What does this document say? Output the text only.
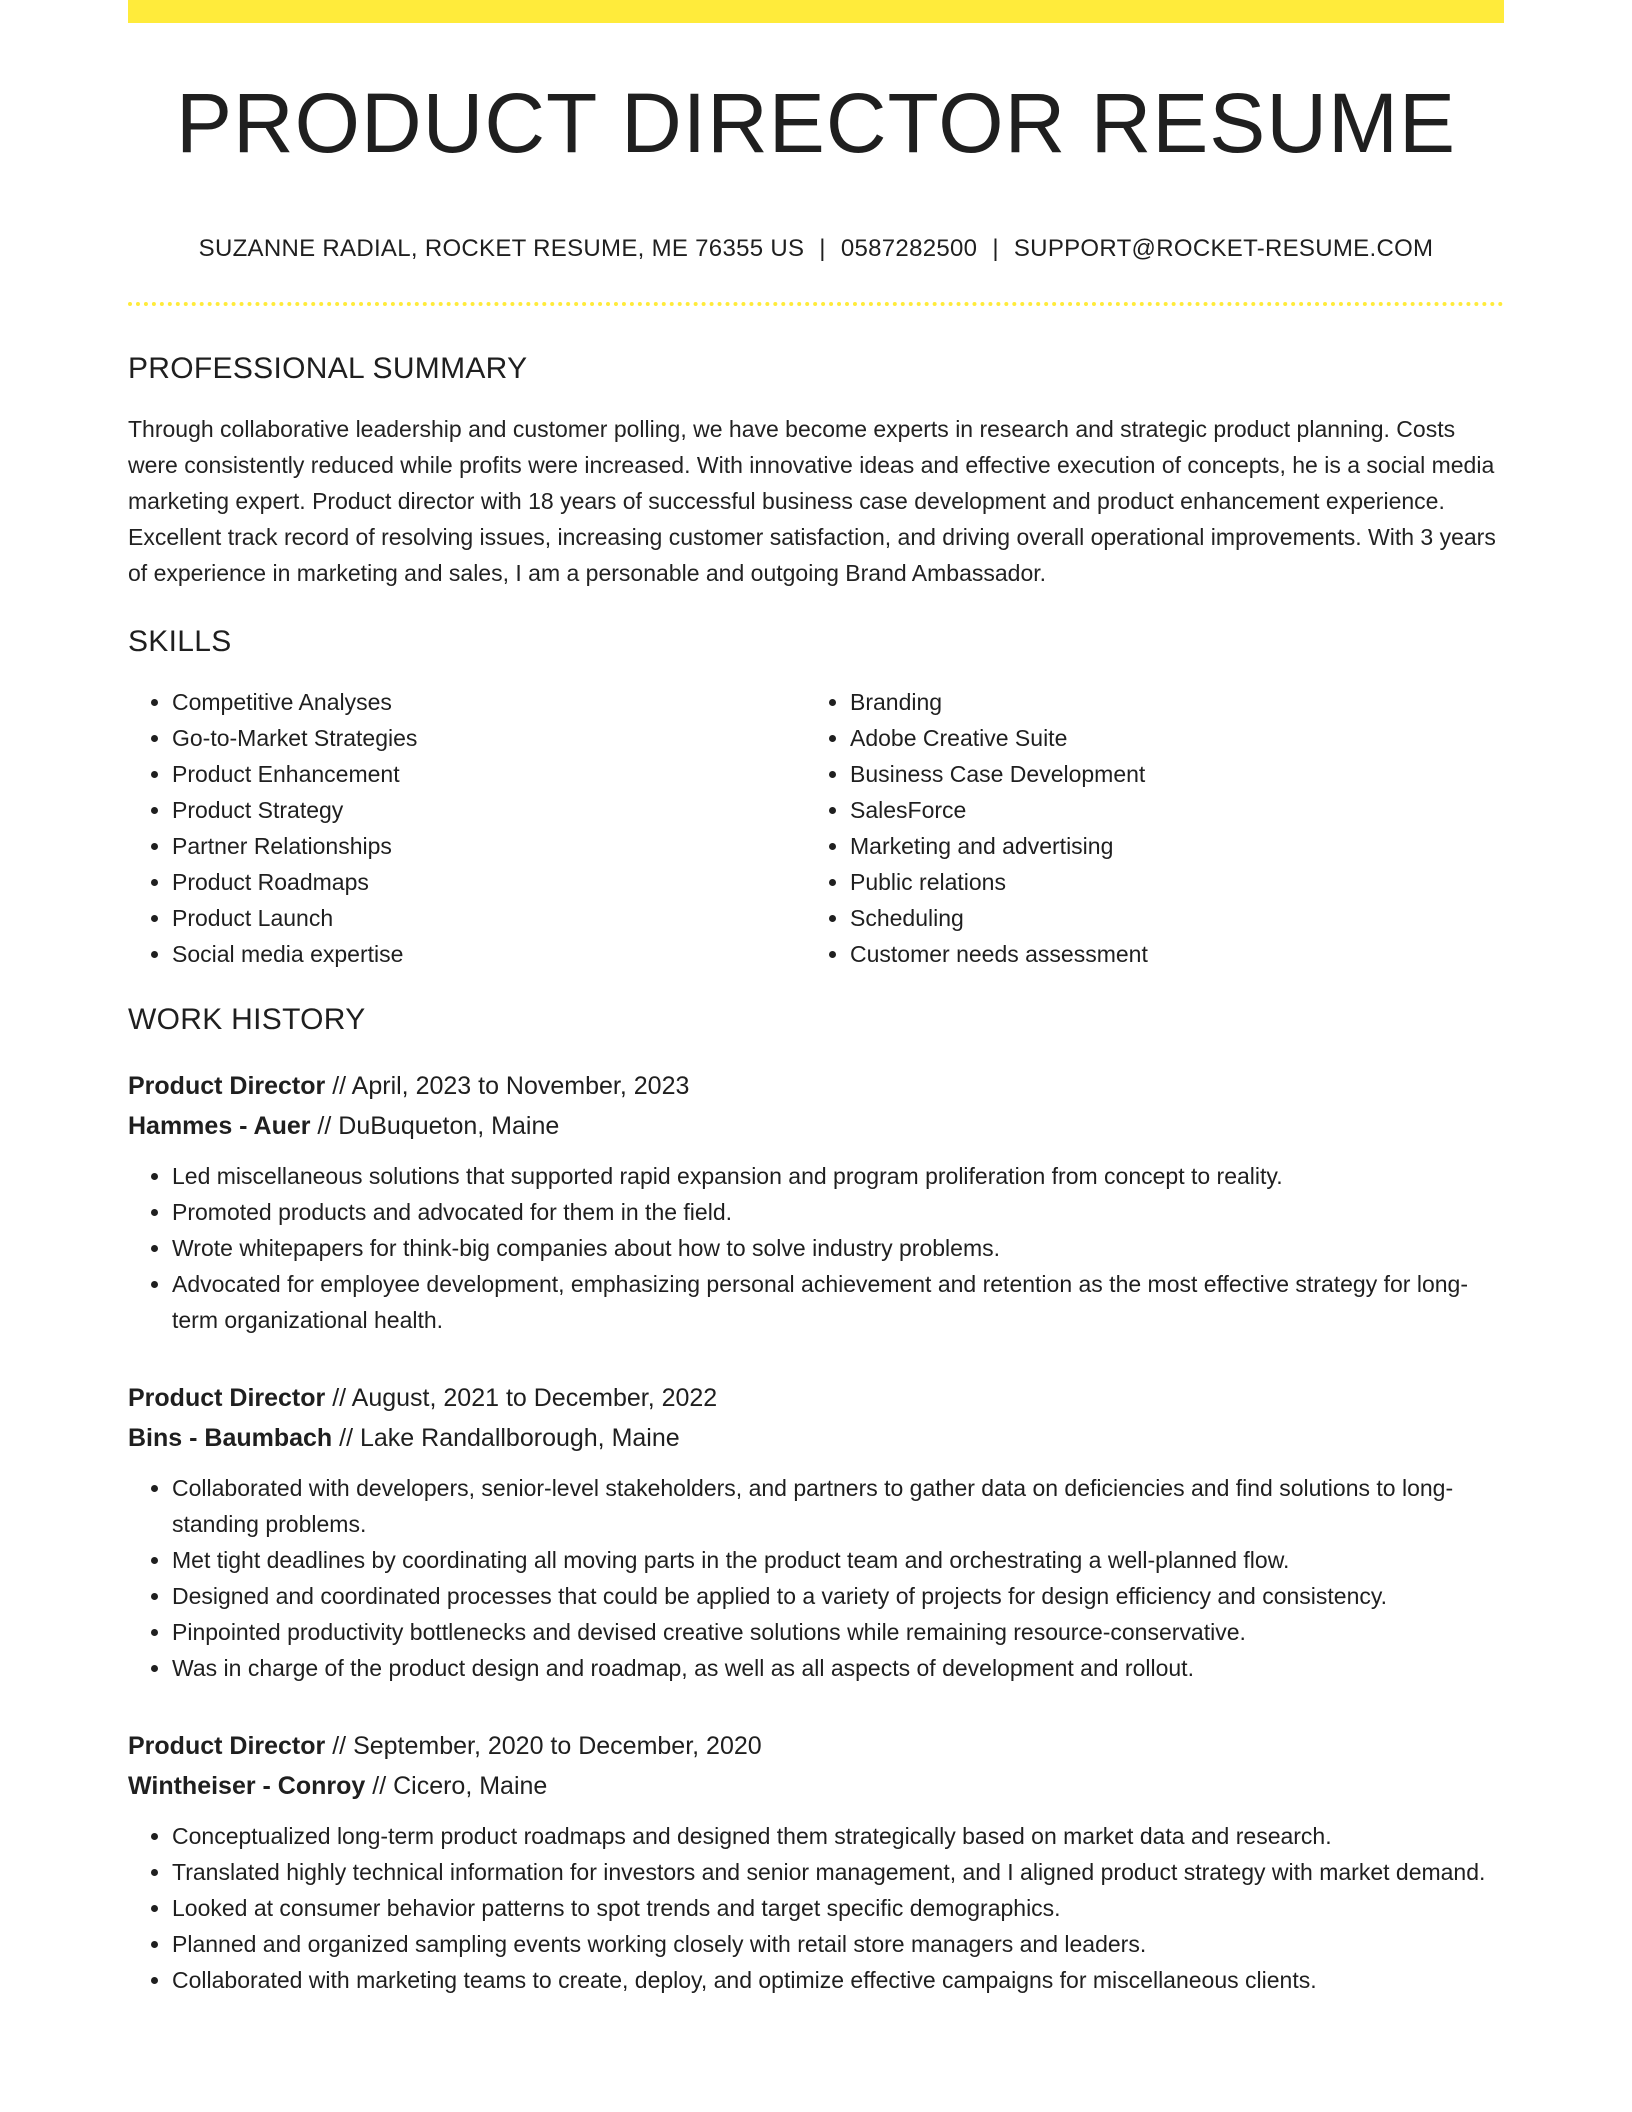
PRODUCT DIRECTOR RESUME
SUZANNE RADIAL, ROCKET RESUME, ME 76355 US | 0587282500 | SUPPORT@ROCKET-RESUME.COM
PROFESSIONAL SUMMARY
Through collaborative leadership and customer polling, we have become experts in research and strategic product planning. Costs were consistently reduced while profits were increased. With innovative ideas and effective execution of concepts, he is a social media marketing expert. Product director with 18 years of successful business case development and product enhancement experience. Excellent track record of resolving issues, increasing customer satisfaction, and driving overall operational improvements. With 3 years of experience in marketing and sales, I am a personable and outgoing Brand Ambassador.
SKILLS
• Competitive Analyses
• Go-to-Market Strategies
• Product Enhancement
• Product Strategy
• Partner Relationships
• Product Roadmaps
• Product Launch
• Social media expertise
• Branding
• Adobe Creative Suite
• Business Case Development
• SalesForce
• Marketing and advertising
• Public relations
• Scheduling
• Customer needs assessment
WORK HISTORY
Product Director // April, 2023 to November, 2023
Hammes - Auer // DuBuqueton, Maine
• Led miscellaneous solutions that supported rapid expansion and program proliferation from concept to reality.
• Promoted products and advocated for them in the field.
• Wrote whitepapers for think-big companies about how to solve industry problems.
• Advocated for employee development, emphasizing personal achievement and retention as the most effective strategy for long-term organizational health.
Product Director // August, 2021 to December, 2022
Bins - Baumbach // Lake Randallborough, Maine
• Collaborated with developers, senior-level stakeholders, and partners to gather data on deficiencies and find solutions to long-standing problems.
• Met tight deadlines by coordinating all moving parts in the product team and orchestrating a well-planned flow.
• Designed and coordinated processes that could be applied to a variety of projects for design efficiency and consistency.
• Pinpointed productivity bottlenecks and devised creative solutions while remaining resource-conservative.
• Was in charge of the product design and roadmap, as well as all aspects of development and rollout.
Product Director // September, 2020 to December, 2020
Wintheiser - Conroy // Cicero, Maine
• Conceptualized long-term product roadmaps and designed them strategically based on market data and research.
• Translated highly technical information for investors and senior management, and I aligned product strategy with market demand.
• Looked at consumer behavior patterns to spot trends and target specific demographics.
• Planned and organized sampling events working closely with retail store managers and leaders.
• Collaborated with marketing teams to create, deploy, and optimize effective campaigns for miscellaneous clients.
